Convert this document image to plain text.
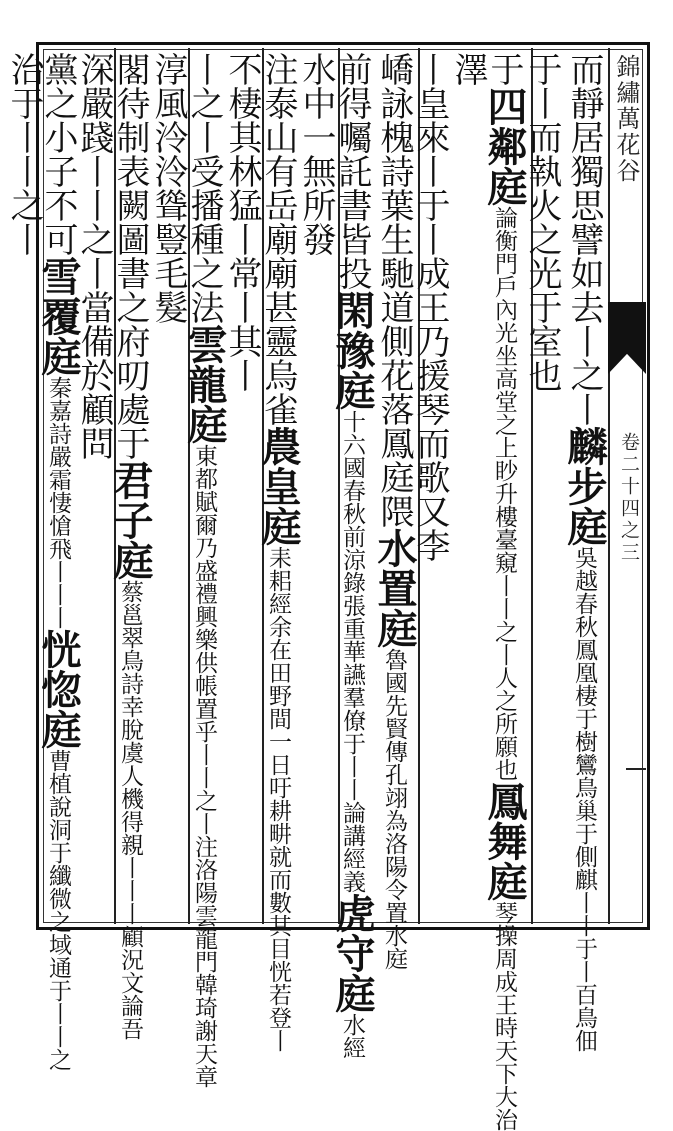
錦繡萬花谷
卷二十四之三
而靜居獨思譬如去丨之丨麟步庭吳越春秋鳳凰棲于樹鸞鳥巢于側麒丨丨于丨百鳥佃
于丨而執火之光于室也
于四鄰庭論衡門戶內光坐高堂之上眇升樓臺窺丨丨之丨人之所願也鳳舞庭琴操周成王時天下大治
澤
丨皇來丨于丨成王乃援琴而歌又李
嶠詠槐詩葉生馳道側花落鳳庭隈水置庭魯國先賢傳孔翊為洛陽令置水庭
前得囑託書皆投閑豫庭十六國春秋前涼錄張重華讌羣僚于丨丨論講經義虎守庭水經
水中一無所發
注泰山有岳廟廟甚靈烏雀農皇庭耒耜經余在田野間一日吁耕畊就而數其目恍若登丨
不棲其林猛丨常丨其丨
丨之丨受播種之法雲龍庭東都賦爾乃盛禮興樂供帳置乎丨丨之丨注洛陽雲龍門韓琦謝天章
淳風泠泠聳豎毛髮
閣待制表闕圖書之府叨處于君子庭蔡邕翠鳥詩幸脫虞人機得親丨丨丨顧況文論吾
深嚴踐丨丨之丨當備於顧問
黨之小子不可雪覆庭秦嘉詩嚴霜悽愴飛丨丨丨恍惚庭曹植說洞于纖微之域通于丨丨之
治于丨丨之丨
